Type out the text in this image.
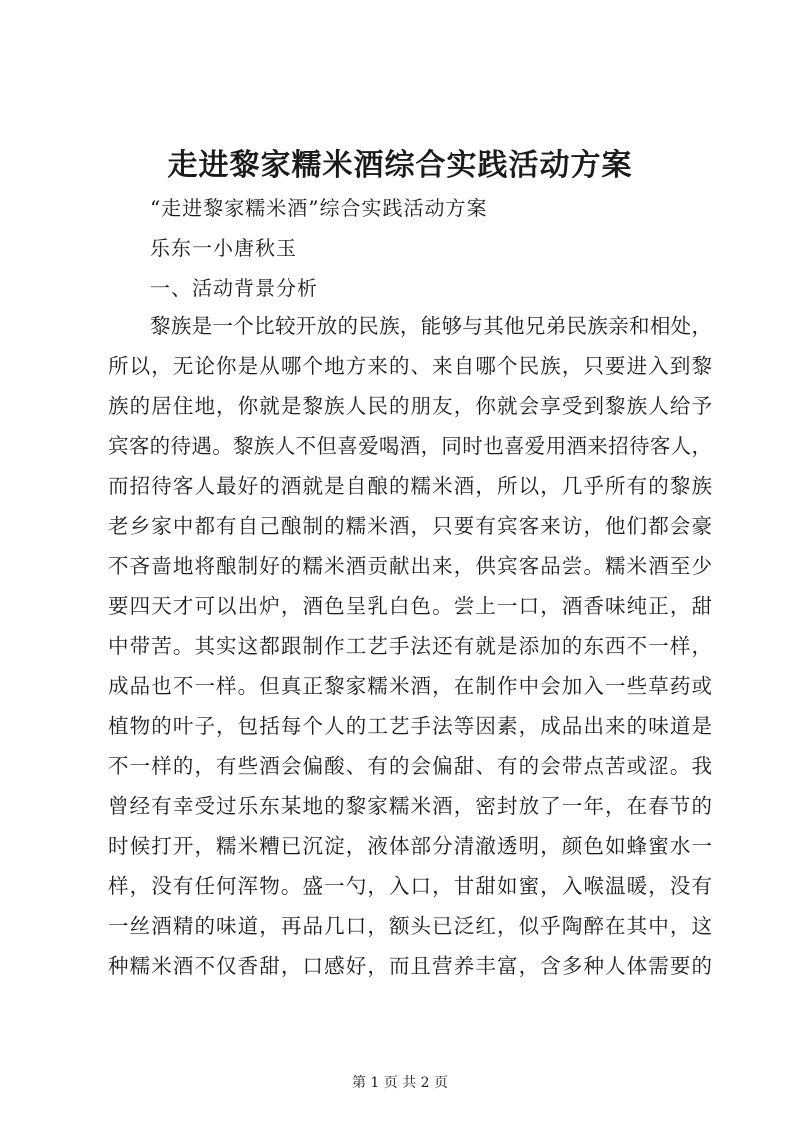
走进黎家糯米酒综合实践活动方案
“走进黎家糯米酒”综合实践活动方案
乐东一小唐秋玉
一、活动背景分析
黎族是一个比较开放的民族，能够与其他兄弟民族亲和相处，
所以，无论你是从哪个地方来的、来自哪个民族，只要进入到黎
族的居住地，你就是黎族人民的朋友，你就会享受到黎族人给予
宾客的待遇。黎族人不但喜爱喝酒，同时也喜爱用酒来招待客人，
而招待客人最好的酒就是自酿的糯米酒，所以，几乎所有的黎族
老乡家中都有自己酿制的糯米酒，只要有宾客来访，他们都会豪
不吝啬地将酿制好的糯米酒贡献出来，供宾客品尝。糯米酒至少
要四天才可以出炉，酒色呈乳白色。尝上一口，酒香味纯正，甜
中带苦。其实这都跟制作工艺手法还有就是添加的东西不一样，
成品也不一样。但真正黎家糯米酒，在制作中会加入一些草药或
植物的叶子，包括每个人的工艺手法等因素，成品出来的味道是
不一样的，有些酒会偏酸、有的会偏甜、有的会带点苦或涩。我
曾经有幸受过乐东某地的黎家糯米酒，密封放了一年，在春节的
时候打开，糯米糟已沉淀，液体部分清澈透明，颜色如蜂蜜水一
样，没有任何浑物。盛一勺，入口，甘甜如蜜，入喉温暖，没有
一丝酒精的味道，再品几口，额头已泛红，似乎陶醉在其中，这
种糯米酒不仅香甜，口感好，而且营养丰富，含多种人体需要的
第 1 页 共 2 页
